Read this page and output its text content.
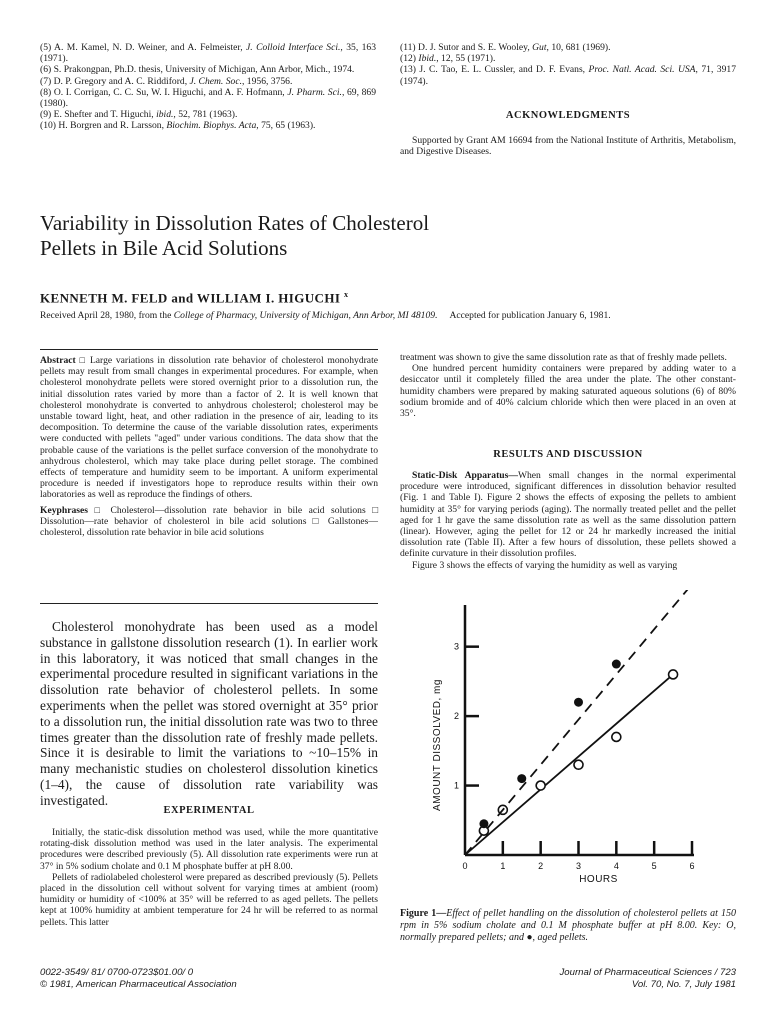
(5) A. M. Kamel, N. D. Weiner, and A. Felmeister, J. Colloid Interface Sci., 35, 163 (1971).
(6) S. Prakongpan, Ph.D. thesis, University of Michigan, Ann Arbor, Mich., 1974.
(7) D. P. Gregory and A. C. Riddiford, J. Chem. Soc., 1956, 3756.
(8) O. I. Corrigan, C. C. Su, W. I. Higuchi, and A. F. Hofmann, J. Pharm. Sci., 69, 869 (1980).
(9) E. Shefter and T. Higuchi, ibid., 52, 781 (1963).
(10) H. Borgren and R. Larsson, Biochim. Biophys. Acta, 75, 65 (1963).
(11) D. J. Sutor and S. E. Wooley, Gut, 10, 681 (1969).
(12) Ibid., 12, 55 (1971).
(13) J. C. Tao, E. L. Cussler, and D. F. Evans, Proc. Natl. Acad. Sci. USA, 71, 3917 (1974).
ACKNOWLEDGMENTS
Supported by Grant AM 16694 from the National Institute of Arthritis, Metabolism, and Digestive Diseases.
Variability in Dissolution Rates of Cholesterol
Pellets in Bile Acid Solutions
KENNETH M. FELD and WILLIAM I. HIGUCHI $^x$
Received April 28, 1980, from the College of Pharmacy, University of Michigan, Ann Arbor, MI 48109. Accepted for publication January 6, 1981.

Abstract □ Large variations in dissolution rate behavior of cholesterol monohydrate pellets may result from small changes in experimental procedures. For example, when cholesterol monohydrate pellets were stored overnight prior to a dissolution run, the initial dissolution rates varied by more than a factor of 2. It is well known that cholesterol monohydrate is converted to anhydrous cholesterol; cholesterol may be unstable toward light, heat, and other radiation in the presence of air, leading to its decomposition. To determine the cause of the variable dissolution rates, experiments were conducted with pellets "aged" under various conditions. The data show that the probable cause of the variations is the pellet surface conversion of the monohydrate to anhydrous cholesterol, which may take place during pellet storage. The combined effects of temperature and humidity seem to be important. A uniform experimental procedure is needed if investigators hope to reproduce results within their own laboratories as well as reproduce the findings of others.

Keyphrases □ Cholesterol—dissolution rate behavior in bile acid solutions □ Dissolution—rate behavior of cholesterol in bile acid solutions □ Gallstones—cholesterol, dissolution rate behavior in bile acid solutions

Cholesterol monohydrate has been used as a model substance in gallstone dissolution research (1). In earlier work in this laboratory, it was noticed that small changes in the experimental procedure resulted in significant variations in the dissolution rate behavior of cholesterol pellets. In some experiments when the pellet was stored overnight at 35° prior to a dissolution run, the initial dissolution rate was two to three times greater than the dissolution rate of freshly made pellets. Since it is desirable to limit the variations to ~10–15% in many mechanistic studies on cholesterol dissolution kinetics (1–4), the cause of dissolution rate variability was investigated.
EXPERIMENTAL

Initially, the static-disk dissolution method was used, while the more quantitative rotating-disk dissolution method was used in the later analysis. The experimental procedures were described previously (5). All dissolution rate experiments were run at 37° in 5% sodium cholate and 0.1 M phosphate buffer at pH 8.00.

Pellets of radiolabeled cholesterol were prepared as described previously (5). Pellets placed in the dissolution cell without solvent for varying times at ambient (room) humidity or humidity of <100% at 35° will be referred to as aged pellets. The pellets kept at 100% humidity at ambient temperature for 24 hr will be referred to as normal pellets. This latter

treatment was shown to give the same dissolution rate as that of freshly made pellets.

One hundred percent humidity containers were prepared by adding water to a desiccator until it completely filled the area under the plate. The other constant-humidity chambers were prepared by making saturated aqueous solutions (6) of 80% sodium bromide and of 40% calcium chloride which then were placed in an oven at 35°.

RESULTS AND DISCUSSION

Static-Disk Apparatus—When small changes in the normal experimental procedure were introduced, significant differences in dissolution behavior resulted (Fig. 1 and Table I). Figure 2 shows the effects of exposing the pellets to ambient humidity at 35° for varying periods (aging). The normally treated pellet and the pellet aged for 1 hr gave the same dissolution rate as well as the same dissolution pattern (linear). However, aging the pellet for 12 or 24 hr markedly increased the initial dissolution rate (Table II). After a few hours of dissolution, these pellets showed a definite curvature in their dissolution profiles.

Figure 3 shows the effects of varying the humidity as well as varying

0	1	2	3	4	5	6
1
2
3
HOURS
AMOUNT DISSOLVED, mg
Figure 1—Effect of pellet handling on the dissolution of cholesterol pellets at 150 rpm in 5% sodium cholate and 0.1 M phosphate buffer at pH 8.00. Key: O, normally prepared pellets; and ●, aged pellets.
0022-3549/ 81/ 0700-0723$01.00/ 0
© 1981, American Pharmaceutical Association
Journal of Pharmaceutical Sciences / 723
Vol. 70, No. 7, July 1981
